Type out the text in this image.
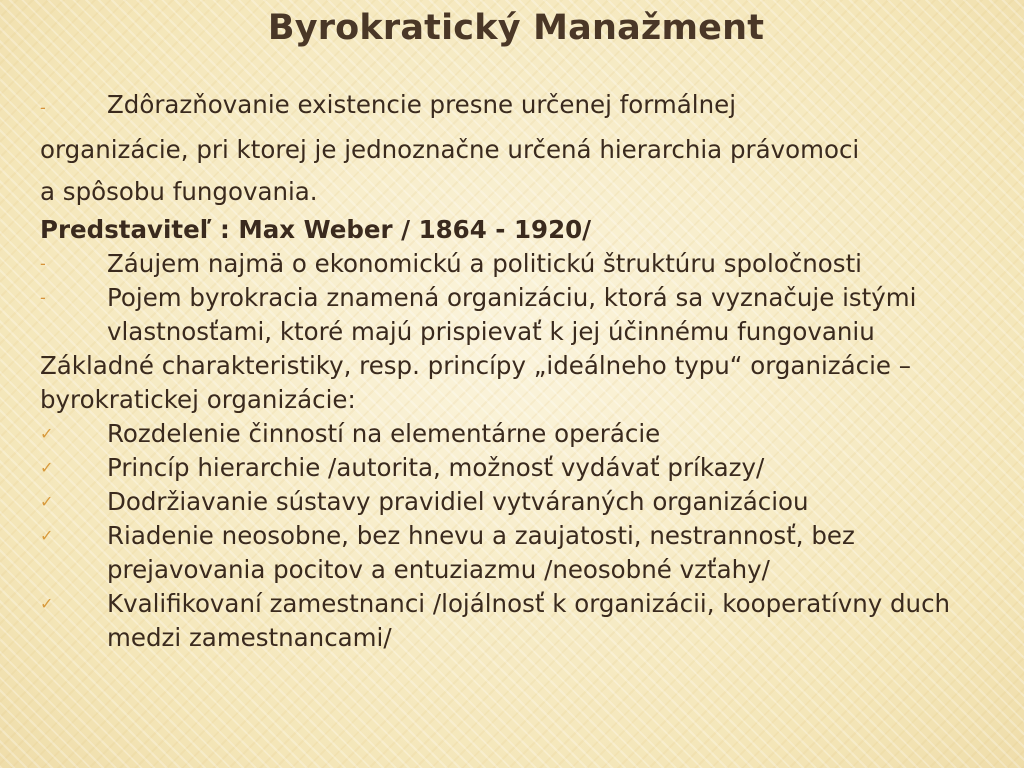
Byrokratický Manažment

- Zdôrazňovanie existencie presne určenej formálnej organizácie, pri ktorej je jednoznačne určená hierarchia právomoci a spôsobu fungovania.

Predstaviteľ : Max Weber / 1864 - 1920/

-	Záujem najmä o ekonomickú a politickú štruktúru spoločnosti

-	Pojem byrokracia znamená organizáciu, ktorá sa vyznačuje istými vlastnosťami, ktoré majú prispievať k jej účinnému fungovaniu

Základné charakteristiky, resp. princípy „ideálneho typu“ organizácie – byrokratickej organizácie:

✓ Rozdelenie činností na elementárne operácie

✓ Princíp hierarchie /autorita, možnosť vydávať príkazy/

✓ Dodržiavanie sústavy pravidiel vytváraných organizáciou

✓ Riadenie neosobne, bez hnevu a zaujatosti, nestrannosť, bez prejavovania pocitov a entuziazmu /neosobné vzťahy/

✓ Kvalifikovaní zamestnanci /lojálnosť k organizácii, kooperatívny duch medzi zamestnancami/
